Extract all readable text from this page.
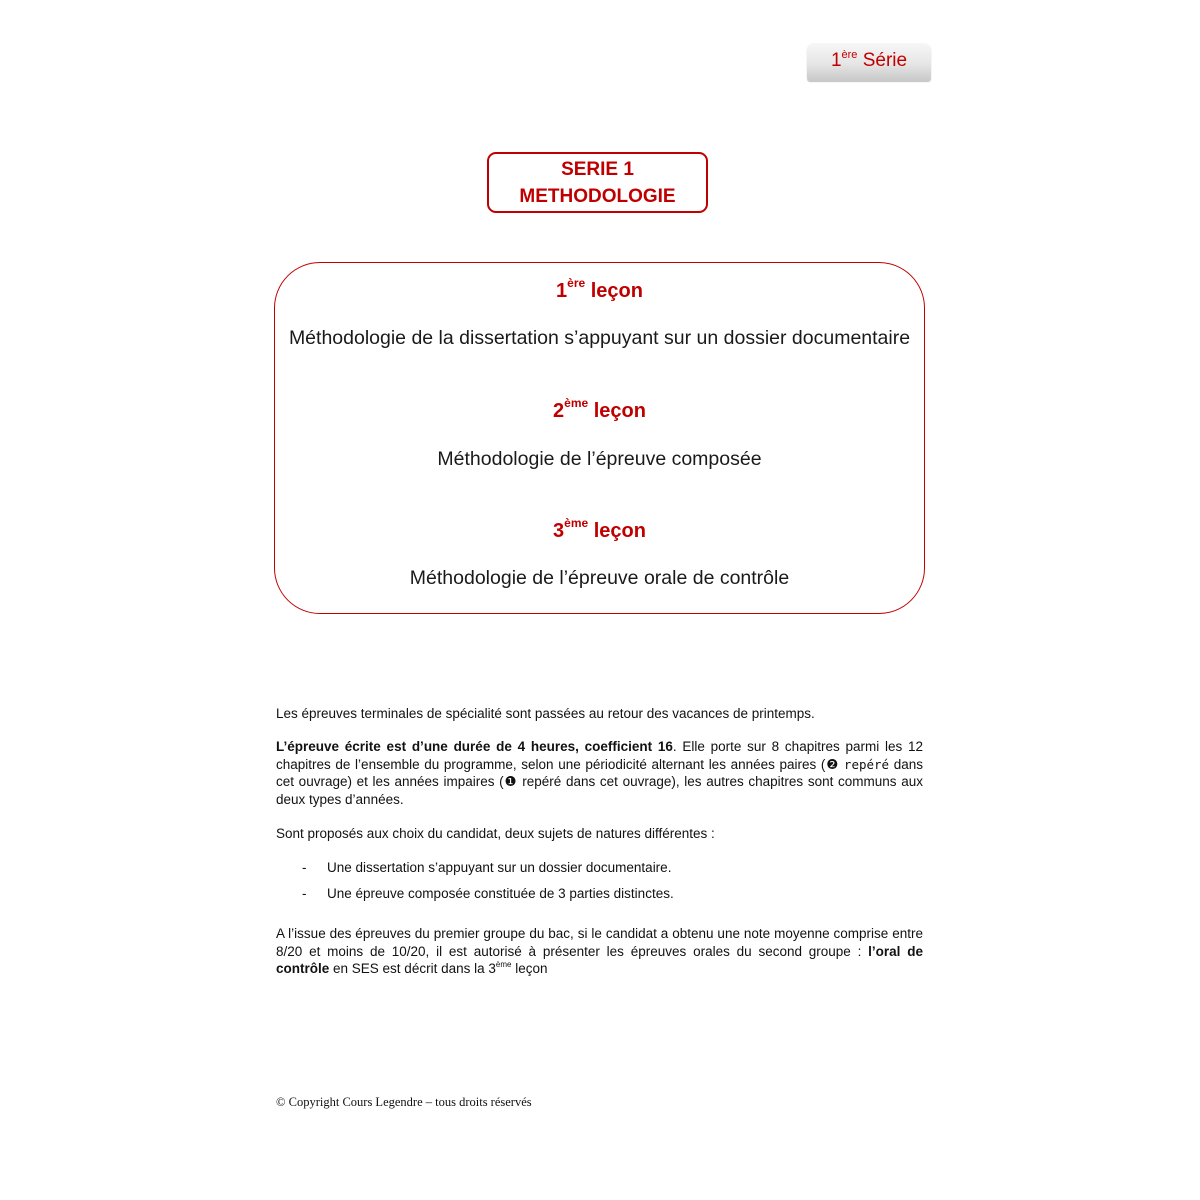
1ère Série
SERIE 1
METHODOLOGIE
1ère leçon
Méthodologie de la dissertation s’appuyant sur un dossier documentaire
2ème leçon
Méthodologie de l’épreuve composée
3ème leçon
Méthodologie de l’épreuve orale de contrôle
Les épreuves terminales de spécialité sont passées au retour des vacances de printemps.
L’épreuve écrite est d’une durée de 4 heures, coefficient 16. Elle porte sur 8 chapitres parmi les 12 chapitres de l’ensemble du programme, selon une périodicité alternant les années paires (❷ repéré dans cet ouvrage) et les années impaires (❶ repéré dans cet ouvrage), les autres chapitres sont communs aux deux types d’années.
Sont proposés aux choix du candidat, deux sujets de natures différentes :
- Une dissertation s’appuyant sur un dossier documentaire.
- Une épreuve composée constituée de 3 parties distinctes.
A l’issue des épreuves du premier groupe du bac, si le candidat a obtenu une note moyenne comprise entre 8/20 et moins de 10/20, il est autorisé à présenter les épreuves orales du second groupe : l’oral de contrôle en SES est décrit dans la 3ème leçon
© Copyright Cours Legendre – tous droits réservés
